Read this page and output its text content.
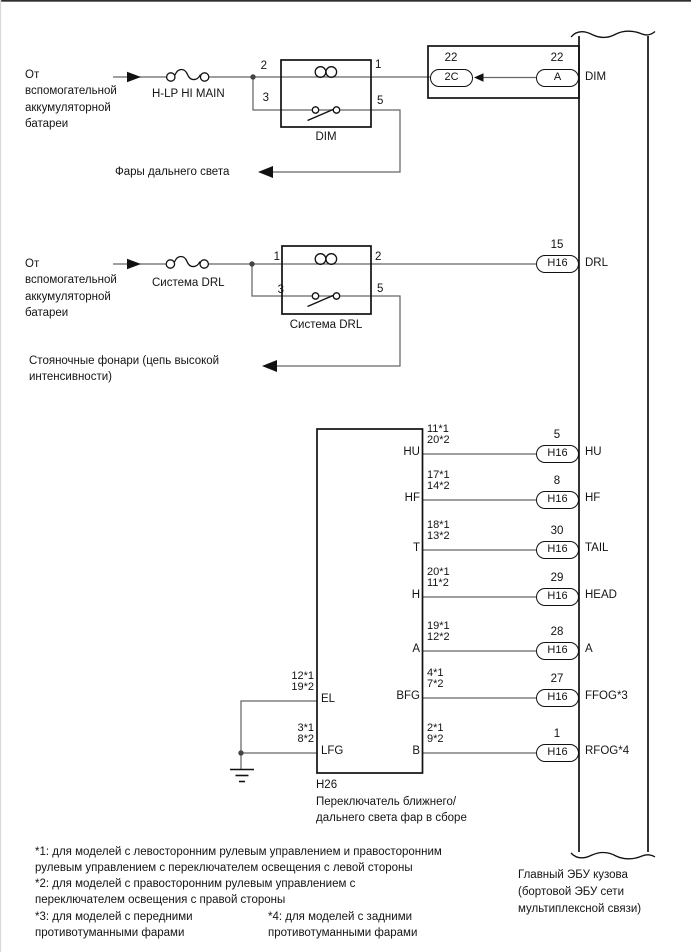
От
вспомогательной
аккумуляторной
батареи
H-LP HI MAIN
2
3
1
5
DIM
22
2C
22
A	DIM
Фары дальнего света
От
вспомогательной
аккумуляторной
батареи
Система DRL
1
3
2
5
Система DRL
15
H16	DRL
Стояночные фонари (цепь высокой
интенсивности)
11*1
20*2
HU
5
H16	HU
17*1
14*2
HF
8
H16	HF
18*1
13*2
T
30
H16	TAIL
20*1
11*2
H
29
H16	HEAD
19*1
12*2
A
28
H16	A
4*1
7*2
BFG
27
H16	FFOG*3
2*1
9*2
B
1
H16	RFOG*4
12*1
19*2
EL
3*1
8*2
LFG
H26
Переключатель ближнего/
дальнего света фар в сборе
Главный ЭБУ кузова
(бортовой ЭБУ сети
мультиплексной связи)
*1: для моделей с левосторонним рулевым управлением и правосторонним
рулевым управлением с переключателем освещения с левой стороны
*2: для моделей с правосторонним рулевым управлением с
переключателем освещения с правой стороны
*3: для моделей с передними
противотуманными фарами
*4: для моделей с задними
противотуманными фарами
